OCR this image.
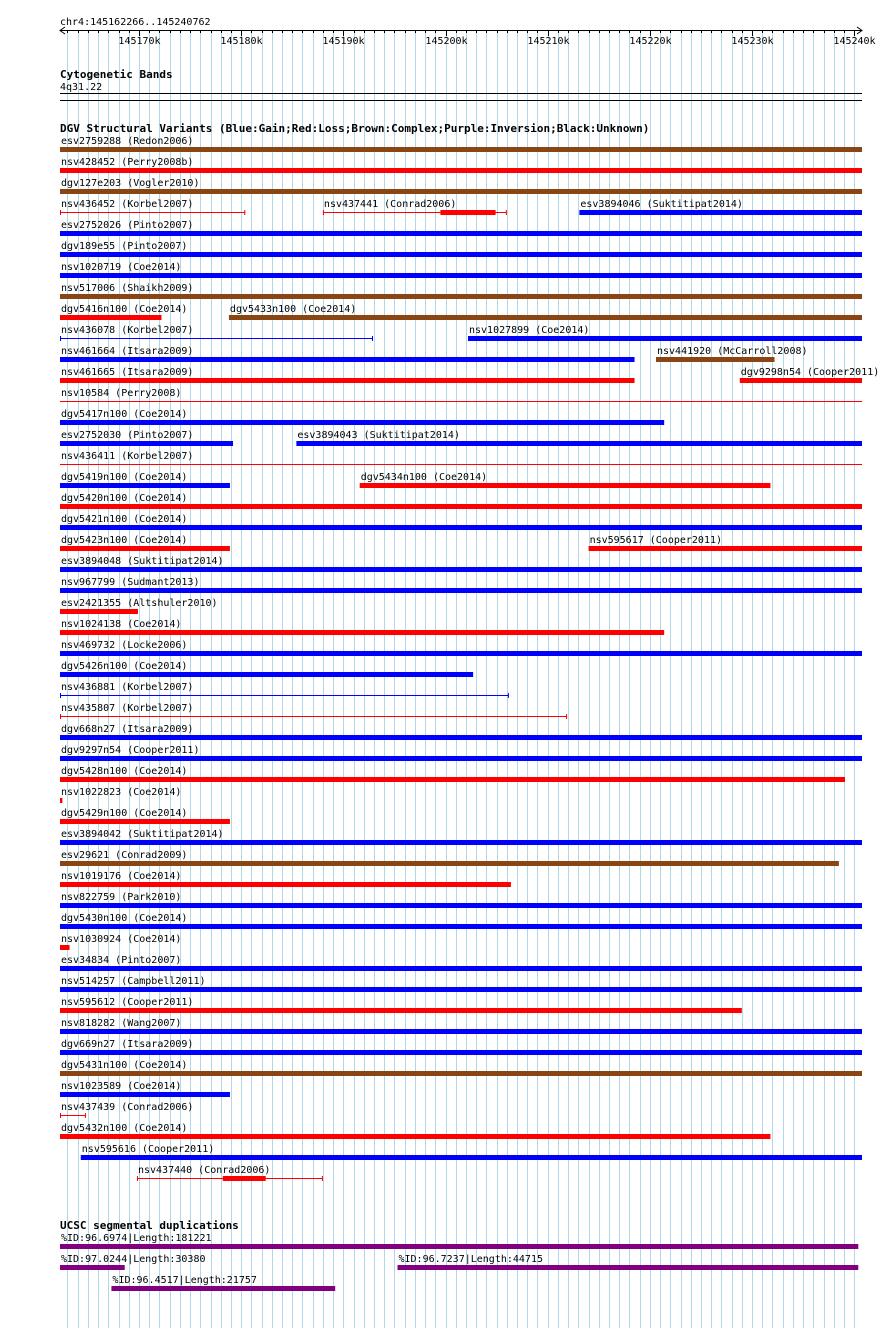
chr4:145162266..145240762
145170k	145180k	145190k	145200k	145210k	145220k	145230k	145240k
Cytogenetic Bands
4q31.22
DGV Structural Variants (Blue:Gain;Red:Loss;Brown:Complex;Purple:Inversion;Black:Unknown)
esv2759288 (Redon2006)
nsv428452 (Perry2008b)
dgv127e203 (Vogler2010)
nsv436452 (Korbel2007)	nsv437441 (Conrad2006)	esv3894046 (Suktitipat2014)
esv2752026 (Pinto2007)
dgv189e55 (Pinto2007)
nsv1020719 (Coe2014)
nsv517006 (Shaikh2009)
dgv5416n100 (Coe2014)	dgv5433n100 (Coe2014)
nsv436078 (Korbel2007)	nsv1027899 (Coe2014)
nsv461664 (Itsara2009)	nsv441920 (McCarroll2008)
nsv461665 (Itsara2009)	dgv9298n54 (Cooper2011)
nsv10584 (Perry2008)
dgv5417n100 (Coe2014)
esv2752030 (Pinto2007)	esv3894043 (Suktitipat2014)
nsv436411 (Korbel2007)
dgv5419n100 (Coe2014)	dgv5434n100 (Coe2014)
dgv5420n100 (Coe2014)
dgv5421n100 (Coe2014)
dgv5423n100 (Coe2014)	nsv595617 (Cooper2011)
esv3894048 (Suktitipat2014)
nsv967799 (Sudmant2013)
esv2421355 (Altshuler2010)
nsv1024138 (Coe2014)
nsv469732 (Locke2006)
dgv5426n100 (Coe2014)
nsv436881 (Korbel2007)
nsv435807 (Korbel2007)
dgv668n27 (Itsara2009)
dgv9297n54 (Cooper2011)
dgv5428n100 (Coe2014)
nsv1022823 (Coe2014)
dgv5429n100 (Coe2014)
esv3894042 (Suktitipat2014)
esv29621 (Conrad2009)
nsv1019176 (Coe2014)
nsv822759 (Park2010)
dgv5430n100 (Coe2014)
nsv1030924 (Coe2014)
esv34834 (Pinto2007)
nsv514257 (Campbell2011)
nsv595612 (Cooper2011)
nsv818282 (Wang2007)
dgv669n27 (Itsara2009)
dgv5431n100 (Coe2014)
nsv1023589 (Coe2014)
nsv437439 (Conrad2006)
dgv5432n100 (Coe2014)
nsv595616 (Cooper2011)
nsv437440 (Conrad2006)
UCSC segmental duplications
%ID:96.6974|Length:181221
%ID:97.0244|Length:30380	%ID:96.7237|Length:44715
%ID:96.4517|Length:21757
